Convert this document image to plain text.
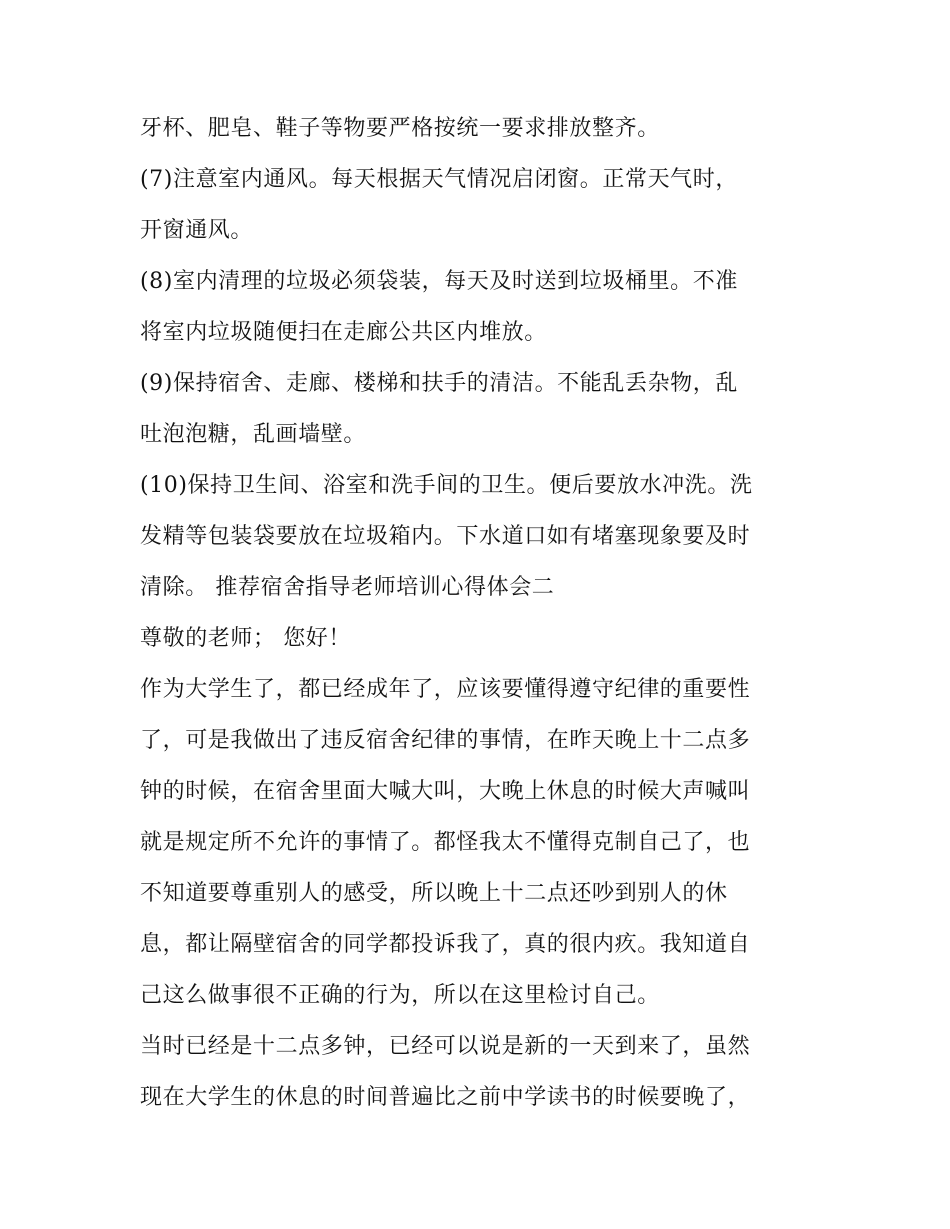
牙杯、肥皂、鞋子等物要严格按统一要求排放整齐。
(7)注意室内通风。每天根据天气情况启闭窗。正常天气时，
开窗通风。
(8)室内清理的垃圾必须袋装，每天及时送到垃圾桶里。不准
将室内垃圾随便扫在走廊公共区内堆放。
(9)保持宿舍、走廊、楼梯和扶手的清洁。不能乱丢杂物，乱
吐泡泡糖，乱画墙壁。
(10)保持卫生间、浴室和洗手间的卫生。便后要放水冲洗。洗
发精等包装袋要放在垃圾箱内。下水道口如有堵塞现象要及时
清除。 推荐宿舍指导老师培训心得体会二
尊敬的老师； 您好！
作为大学生了，都已经成年了，应该要懂得遵守纪律的重要性
了，可是我做出了违反宿舍纪律的事情，在昨天晚上十二点多
钟的时候，在宿舍里面大喊大叫，大晚上休息的时候大声喊叫
就是规定所不允许的事情了。都怪我太不懂得克制自己了，也
不知道要尊重别人的感受，所以晚上十二点还吵到别人的休
息，都让隔壁宿舍的同学都投诉我了，真的很内疚。我知道自
己这么做事很不正确的行为，所以在这里检讨自己。
当时已经是十二点多钟，已经可以说是新的一天到来了，虽然
现在大学生的休息的时间普遍比之前中学读书的时候要晚了，
